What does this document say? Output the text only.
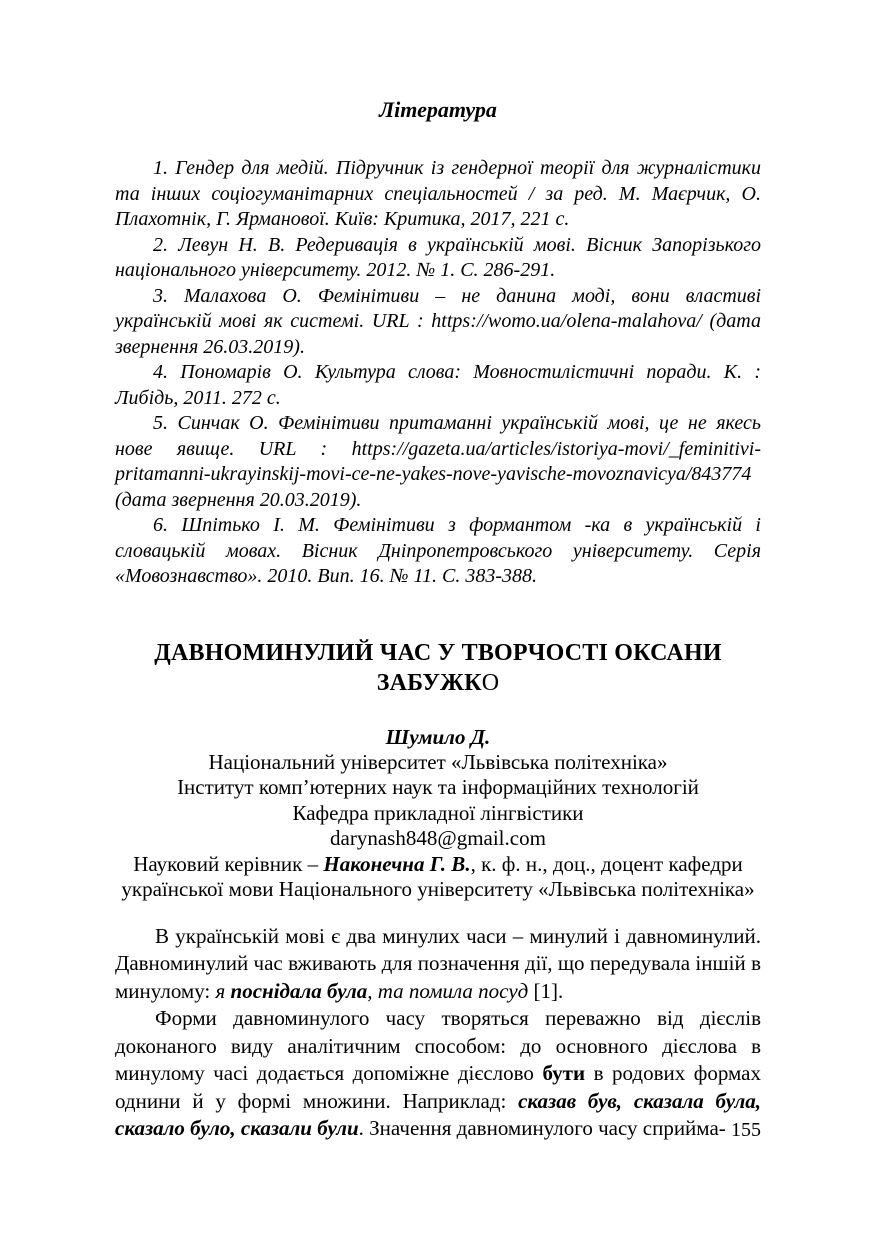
Література

1. Гендер для медій. Підручник із гендерної теорії для журналістики та інших соціогуманітарних спеціальностей / за ред. М. Маєрчик, О. Плахотнік, Г. Ярманової. Київ: Критика, 2017, 221 с.

2. Левун Н. В. Редеривація в українській мові. Вісник Запорізького національного університету. 2012. № 1. С. 286-291.

3. Малахова О. Фемінітиви – не данина моді, вони властиві українській мові як системі. URL : https://womo.ua/olena-malahova/ (дата звернення 26.03.2019).

4. Пономарів О. Культура слова: Мовностилістичні поради. К. : Либідь, 2011. 272 с.

5. Синчак О. Фемінітиви притаманні українській мові, це не якесь нове явище. URL : https://gazeta.ua/articles/istoriya-movi/_feminitivi-pritamanni-ukrayinskij-movi-ce-ne-yakes-nove-yavische-movoznavicya/843774 (дата звернення 20.03.2019).

6. Шпітько І. М. Фемінітиви з формантом -ка в українській і словацькій мовах. Вісник Дніпропетровського університету. Серія «Мовознавство». 2010. Вип. 16. № 11. С. 383-388.

ДАВНОМИНУЛИЙ ЧАС У ТВОРЧОСТІ ОКСАНИ ЗАБУЖКО

Шумило Д.

Національний університет «Львівська політехніка»

Інститут комп’ютерних наук та інформаційних технологій

Кафедра прикладної лінгвістики

darynash848@gmail.com

Науковий керівник – Наконечна Г. В., к. ф. н., доц., доцент кафедри української мови Національного університету «Львівська політехніка»

В українській мові є два минулих часи – минулий і давноминулий. Давноминулий час вживають для позначення дії, що передувала іншій в минулому: я поснідала була, та помила посуд [1].

Форми давноминулого часу творяться переважно від дієслів доконаного виду аналітичним способом: до основного дієслова в минулому часі додається допоміжне дієслово бути в родових формах однини й у формі множини. Наприклад: сказав був, сказала була, сказало було, сказали були. Значення давноминулого часу сприйма- 155
